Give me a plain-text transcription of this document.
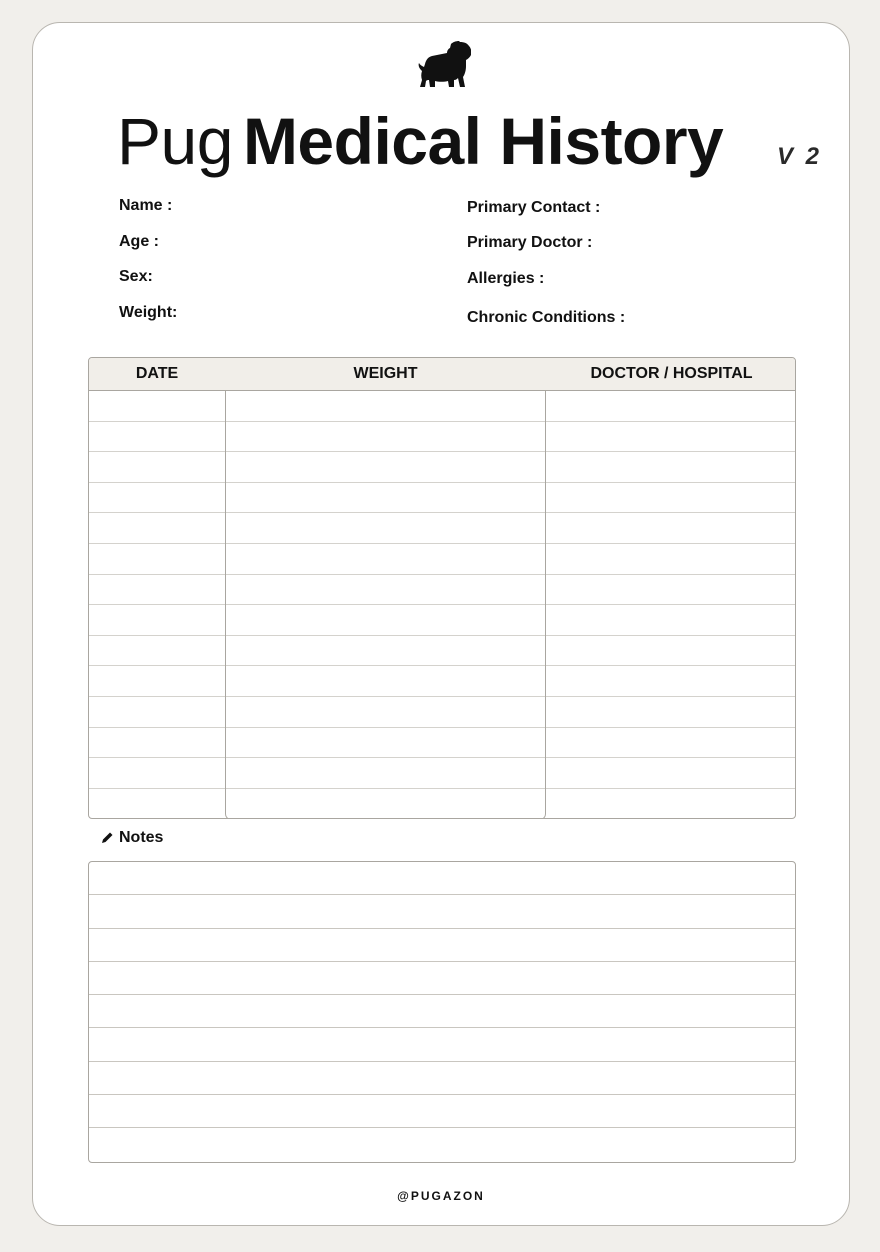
Pug Medical History V 2
Name :
Age :
Sex:
Weight:
Primary Contact :
Primary Doctor :
Allergies :
Chronic Conditions :
DATE	WEIGHT	DOCTOR / HOSPITAL
Notes
@PUGAZON
